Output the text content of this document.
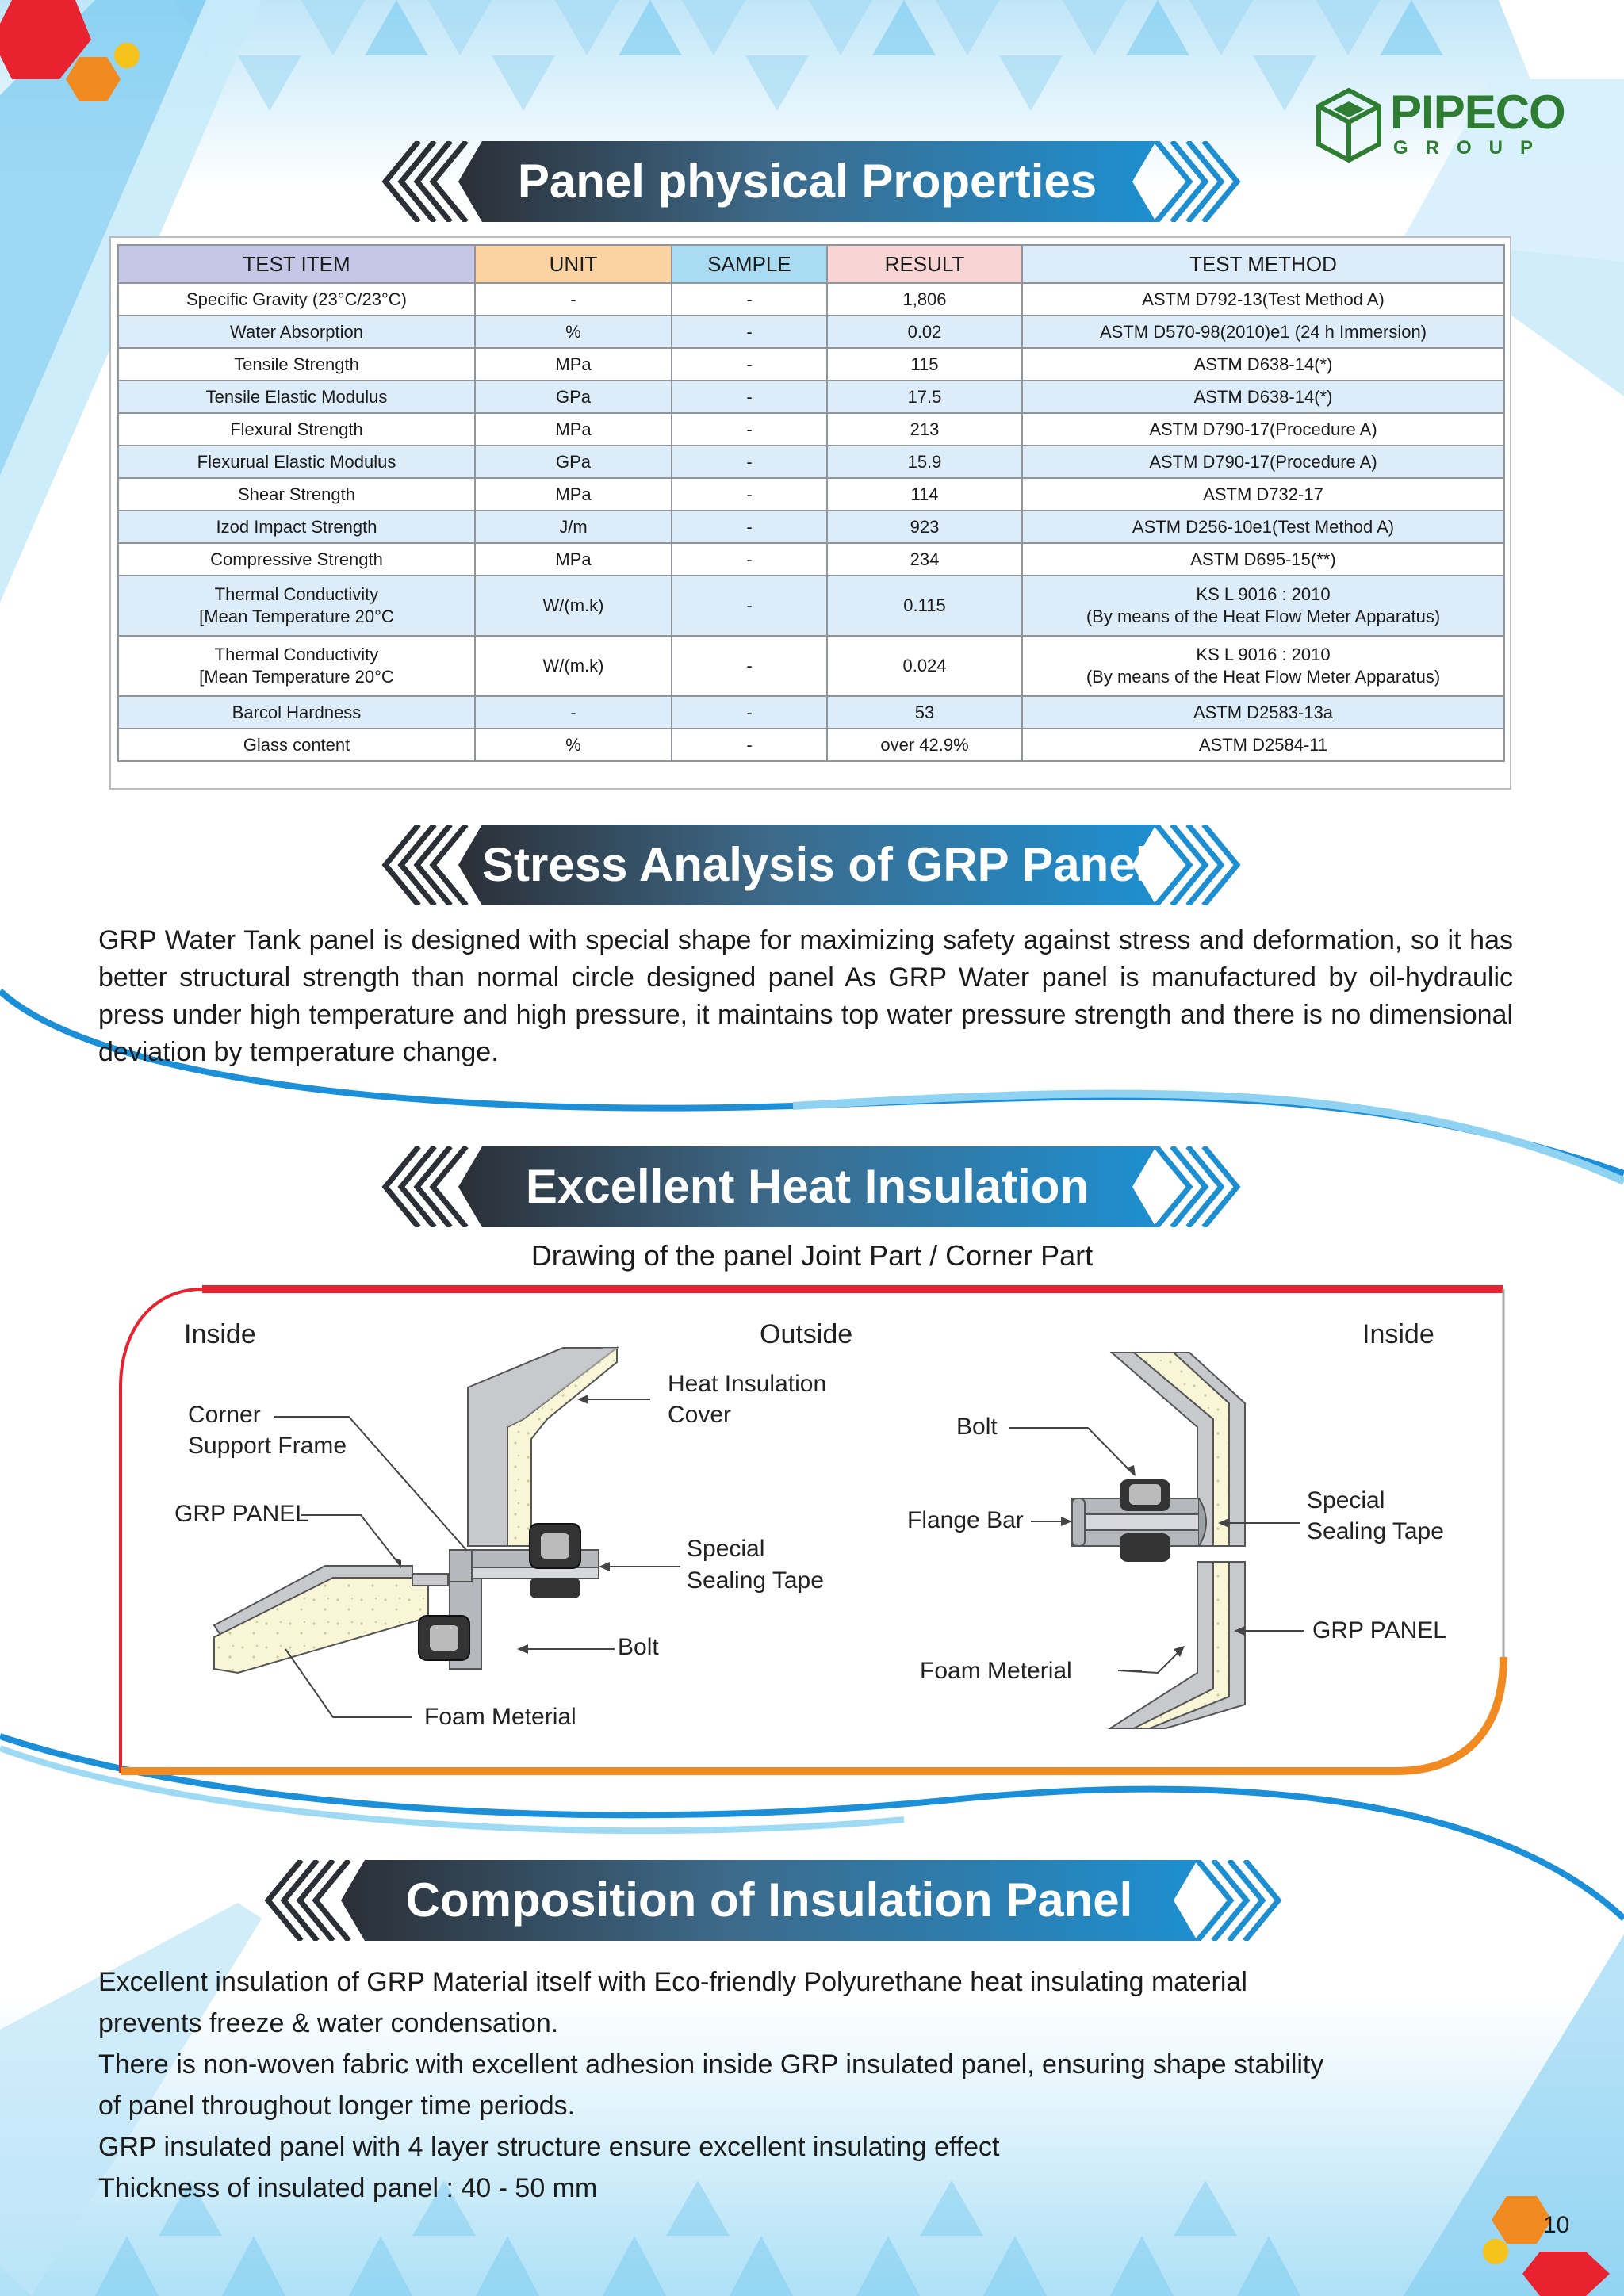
PIPECO
GROUP
Panel physical Properties
TEST ITEM	UNIT	SAMPLE	RESULT	TEST METHOD
Specific Gravity (23°C/23°C)	-	-	1,806	ASTM D792-13(Test Method A)
Water Absorption	%	-	0.02	ASTM D570-98(2010)e1 (24 h Immersion)
Tensile Strength	MPa	-	115	ASTM D638-14(*)
Tensile Elastic Modulus	GPa	-	17.5	ASTM D638-14(*)
Flexural Strength	MPa	-	213	ASTM D790-17(Procedure A)
Flexurual Elastic Modulus	GPa	-	15.9	ASTM D790-17(Procedure A)
Shear Strength	MPa	-	114	ASTM D732-17
Izod Impact Strength	J/m	-	923	ASTM D256-10e1(Test Method A)
Compressive Strength	MPa	-	234	ASTM D695-15(**)
Thermal Conductivity
[Mean Temperature 20°C	W/(m.k)	-	0.115	KS L 9016 : 2010
(By means of the Heat Flow Meter Apparatus)
Thermal Conductivity
[Mean Temperature 20°C	W/(m.k)	-	0.024	KS L 9016 : 2010
(By means of the Heat Flow Meter Apparatus)
Barcol Hardness	-	-	53	ASTM D2583-13a
Glass content	%	-	over 42.9%	ASTM D2584-11
Stress Analysis of GRP Panel

GRP Water Tank panel is designed with special shape for maximizing safety against stress and deformation, so it has better structural strength than normal circle designed panel As GRP Water panel is manufactured by oil-hydraulic press under high temperature and high pressure, it maintains top water pressure strength and there is no dimensional deviation by temperature change.

Excellent Heat Insulation
Drawing of the panel Joint Part / Corner Part
Inside	Outside	Inside
Corner
Support Frame
GRP PANEL
Heat Insulation
Cover
Special
Sealing Tape
Bolt
Foam Meterial
Bolt
Flange Bar
Special
Sealing Tape
GRP PANEL
Foam Meterial
Composition of Insulation Panel
Excellent insulation of GRP Material itself with Eco-friendly Polyurethane heat insulating material
prevents freeze & water condensation.
There is non-woven fabric with excellent adhesion inside GRP insulated panel, ensuring shape stability
of panel throughout longer time periods.
GRP insulated panel with 4 layer structure ensure excellent insulating effect
Thickness of insulated panel : 40 - 50 mm
10
